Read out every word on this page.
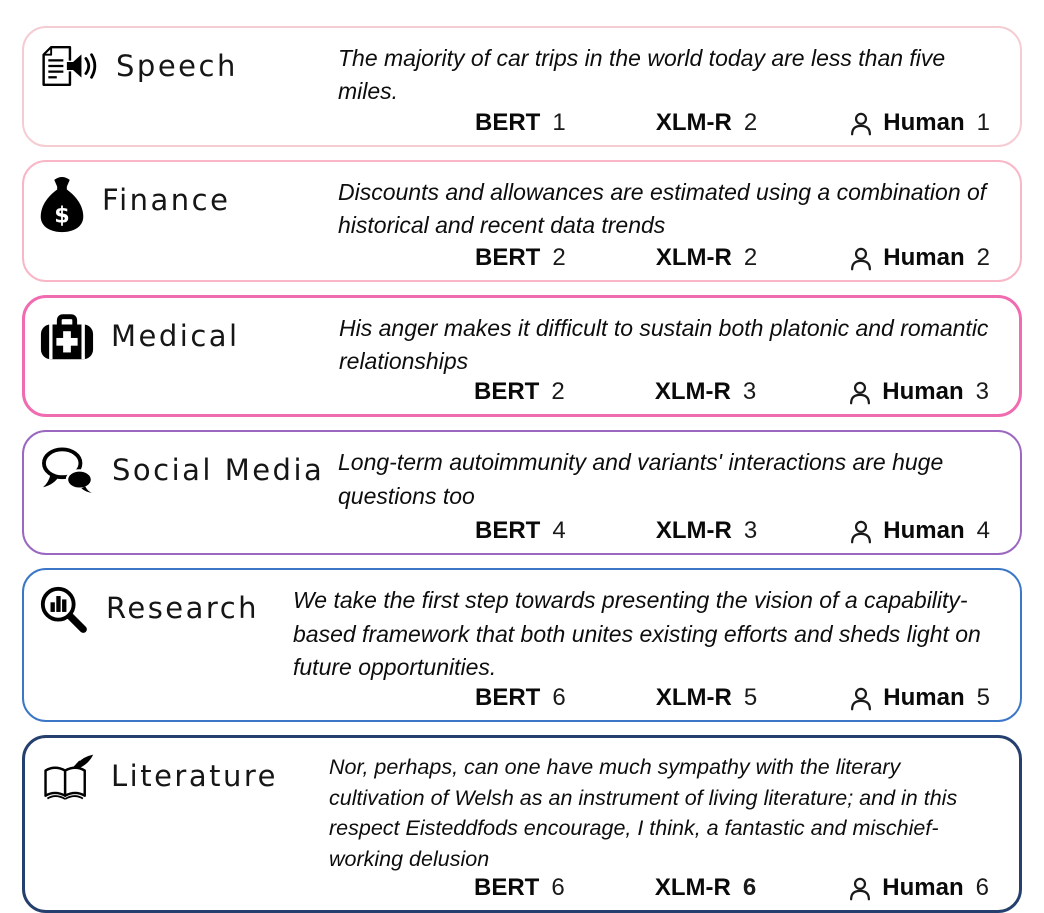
Speech	The majority of car trips in the world today are less than five miles.
BERT 1	XLM-R 2	Human 1
$ Finance	Discounts and allowances are estimated using a combination of historical and recent data trends
BERT 2	XLM-R 2	Human 2
Medical	His anger makes it difficult to sustain both platonic and romantic relationships
BERT 2	XLM-R 3	Human 3
Social Media Long-term autoimmunity and variants' interactions are huge questions too
BERT 4	XLM-R 3	Human 4
Research We take the first step towards presenting the vision of a capability-based framework that both unites existing efforts and sheds light on future opportunities.
BERT 6	XLM-R 5	Human 5
Literature Nor, perhaps, can one have much sympathy with the literary cultivation of Welsh as an instrument of living literature; and in this respect Eisteddfods encourage, I think, a fantastic and mischief-working delusion
BERT 6	XLM-R 6	Human 6
